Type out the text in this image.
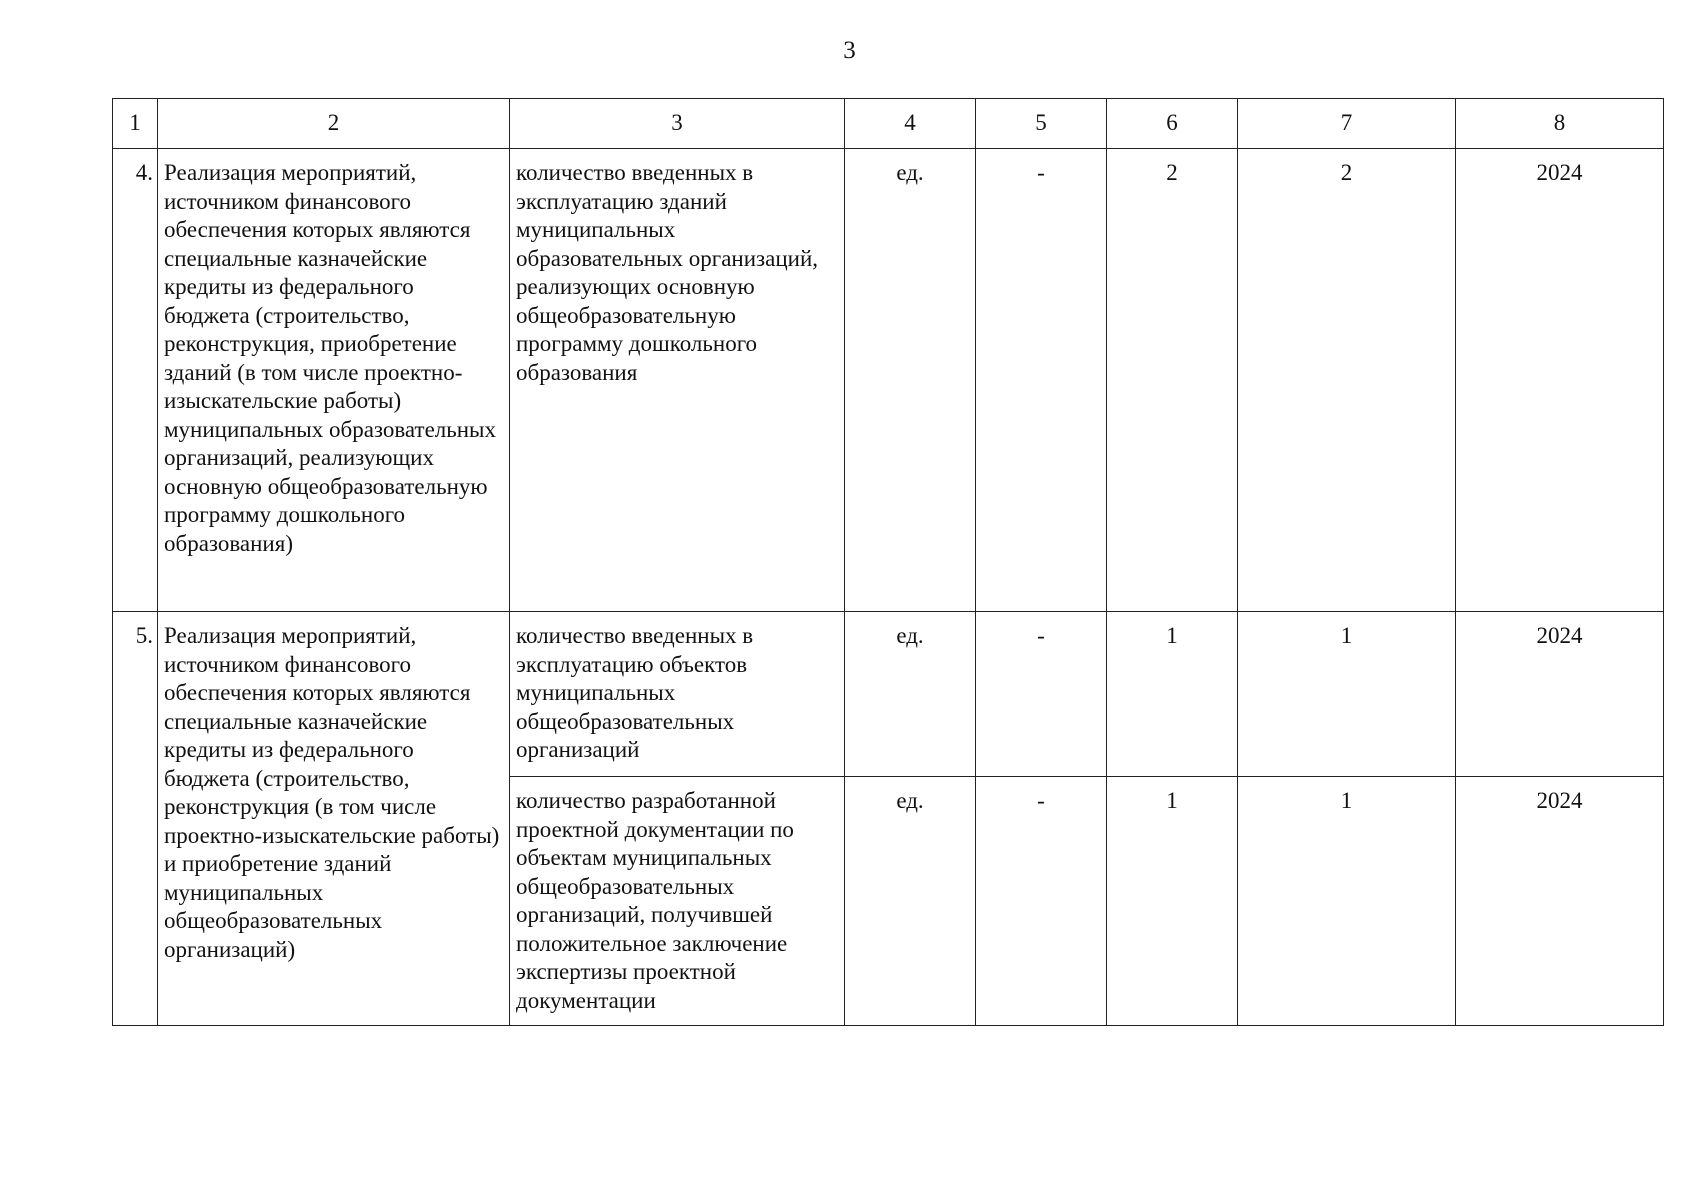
3
1	2	3	4	5	6	7	8
4.	Реализация мероприятий, источником финансового обеспечения которых являются специальные казначейские кредиты из федерального бюджета (строительство, реконструкция, приобретение зданий (в том числе проектно-изыскательские работы) муниципальных образовательных организаций, реализующих основную общеобразовательную программу дошкольного образования)	количество введенных в эксплуатацию зданий муниципальных образовательных организаций, реализующих основную общеобразовательную программу дошкольного образования	ед.	-	2	2	2024
5.	Реализация мероприятий, источником финансового обеспечения которых являются специальные казначейские кредиты из федерального бюджета (строительство, реконструкция (в том числе проектно-изыскательские работы) и приобретение зданий муниципальных общеобразовательных организаций)	количество введенных в эксплуатацию объектов муниципальных общеобразовательных организаций	ед.	-	1	1	2024
		количество разработанной проектной документации по объектам муниципальных общеобразовательных организаций, получившей положительное заключение экспертизы проектной документации	ед.	-	1	1	2024
